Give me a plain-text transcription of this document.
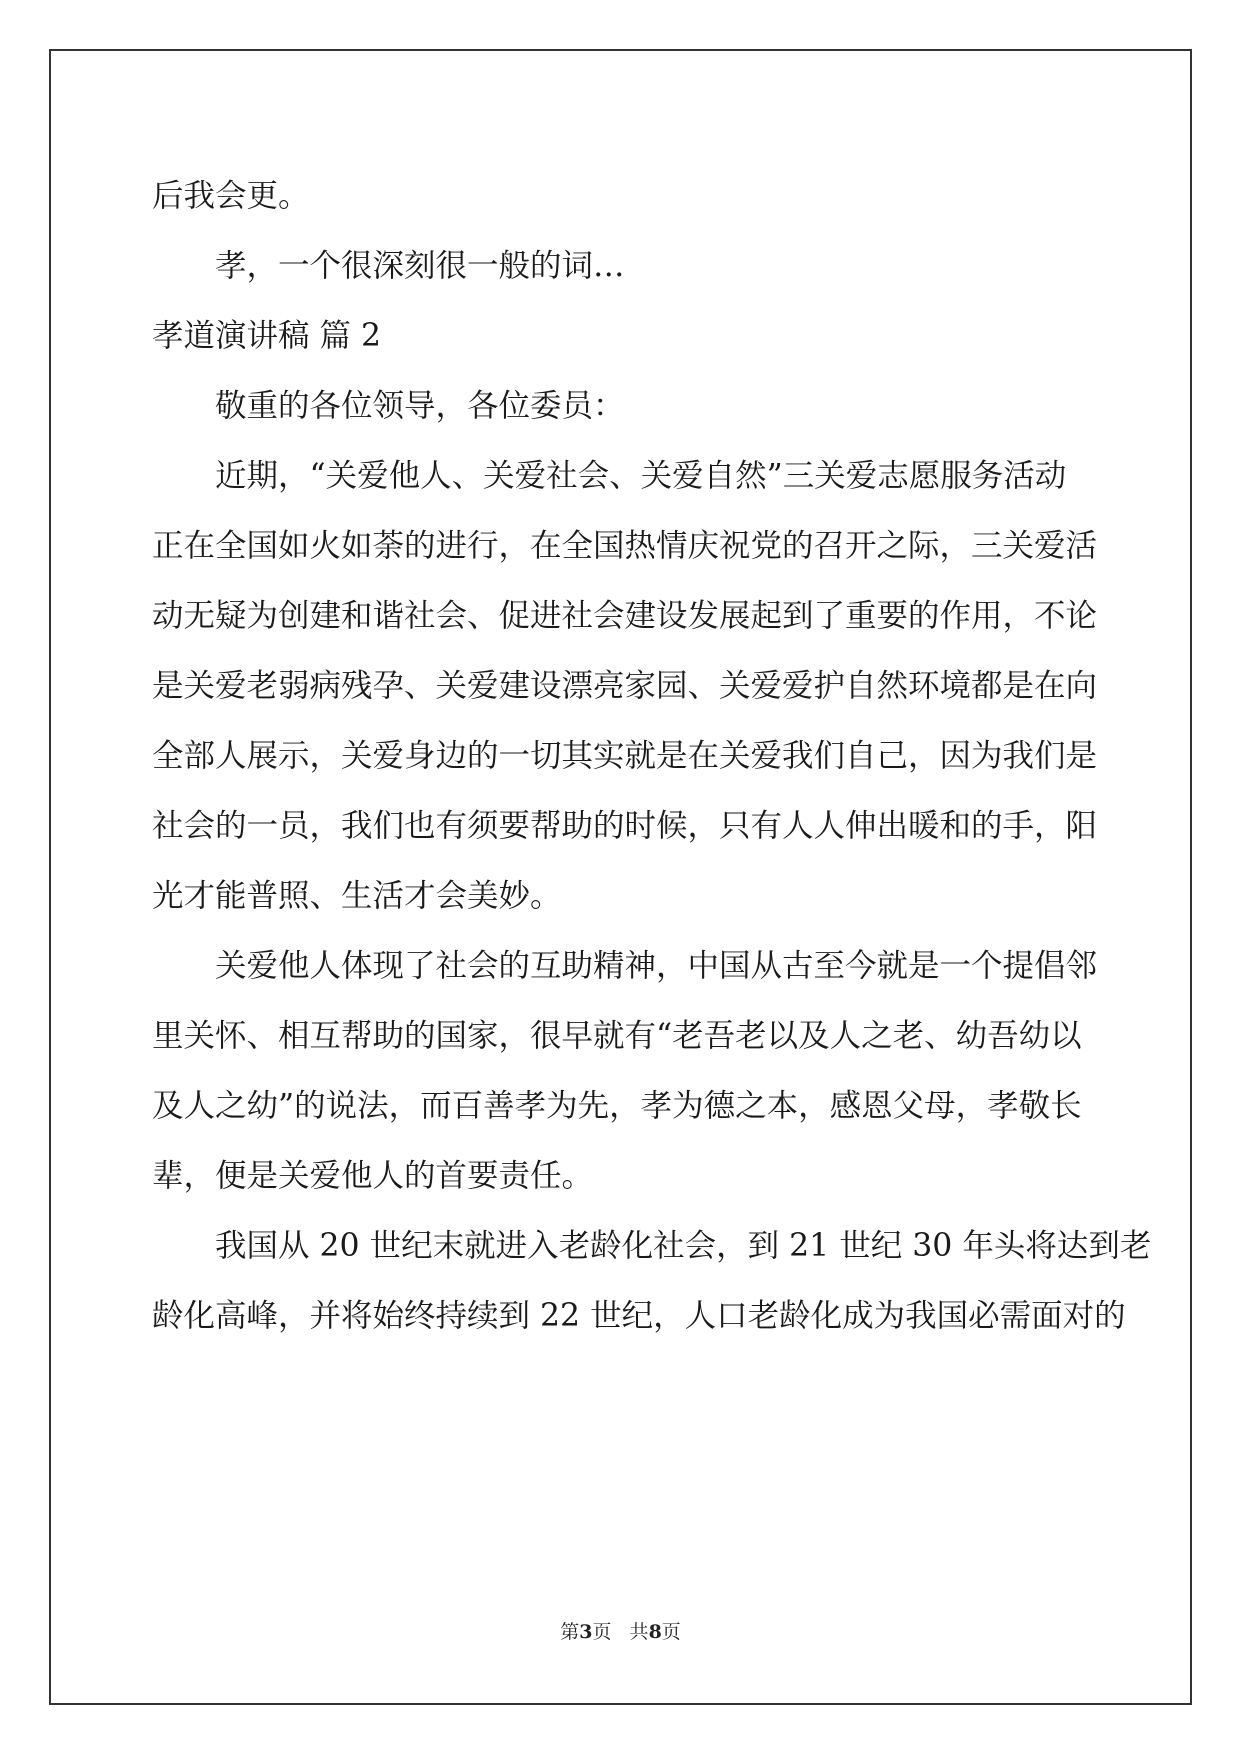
后我会更。
孝，一个很深刻很一般的词…
孝道演讲稿 篇 2
敬重的各位领导，各位委员：
近期，“关爱他人、关爱社会、关爱自然”三关爱志愿服务活动
正在全国如火如荼的进行，在全国热情庆祝党的召开之际，三关爱活
动无疑为创建和谐社会、促进社会建设发展起到了重要的作用，不论
是关爱老弱病残孕、关爱建设漂亮家园、关爱爱护自然环境都是在向
全部人展示，关爱身边的一切其实就是在关爱我们自己，因为我们是
社会的一员，我们也有须要帮助的时候，只有人人伸出暖和的手，阳
光才能普照、生活才会美妙。
关爱他人体现了社会的互助精神，中国从古至今就是一个提倡邻
里关怀、相互帮助的国家，很早就有“老吾老以及人之老、幼吾幼以
及人之幼”的说法，而百善孝为先，孝为德之本，感恩父母，孝敬长
辈，便是关爱他人的首要责任。
我国从 20 世纪末就进入老龄化社会，到 21 世纪 30 年头将达到老
龄化高峰，并将始终持续到 22 世纪，人口老龄化成为我国必需面对的
第3页   共8页
